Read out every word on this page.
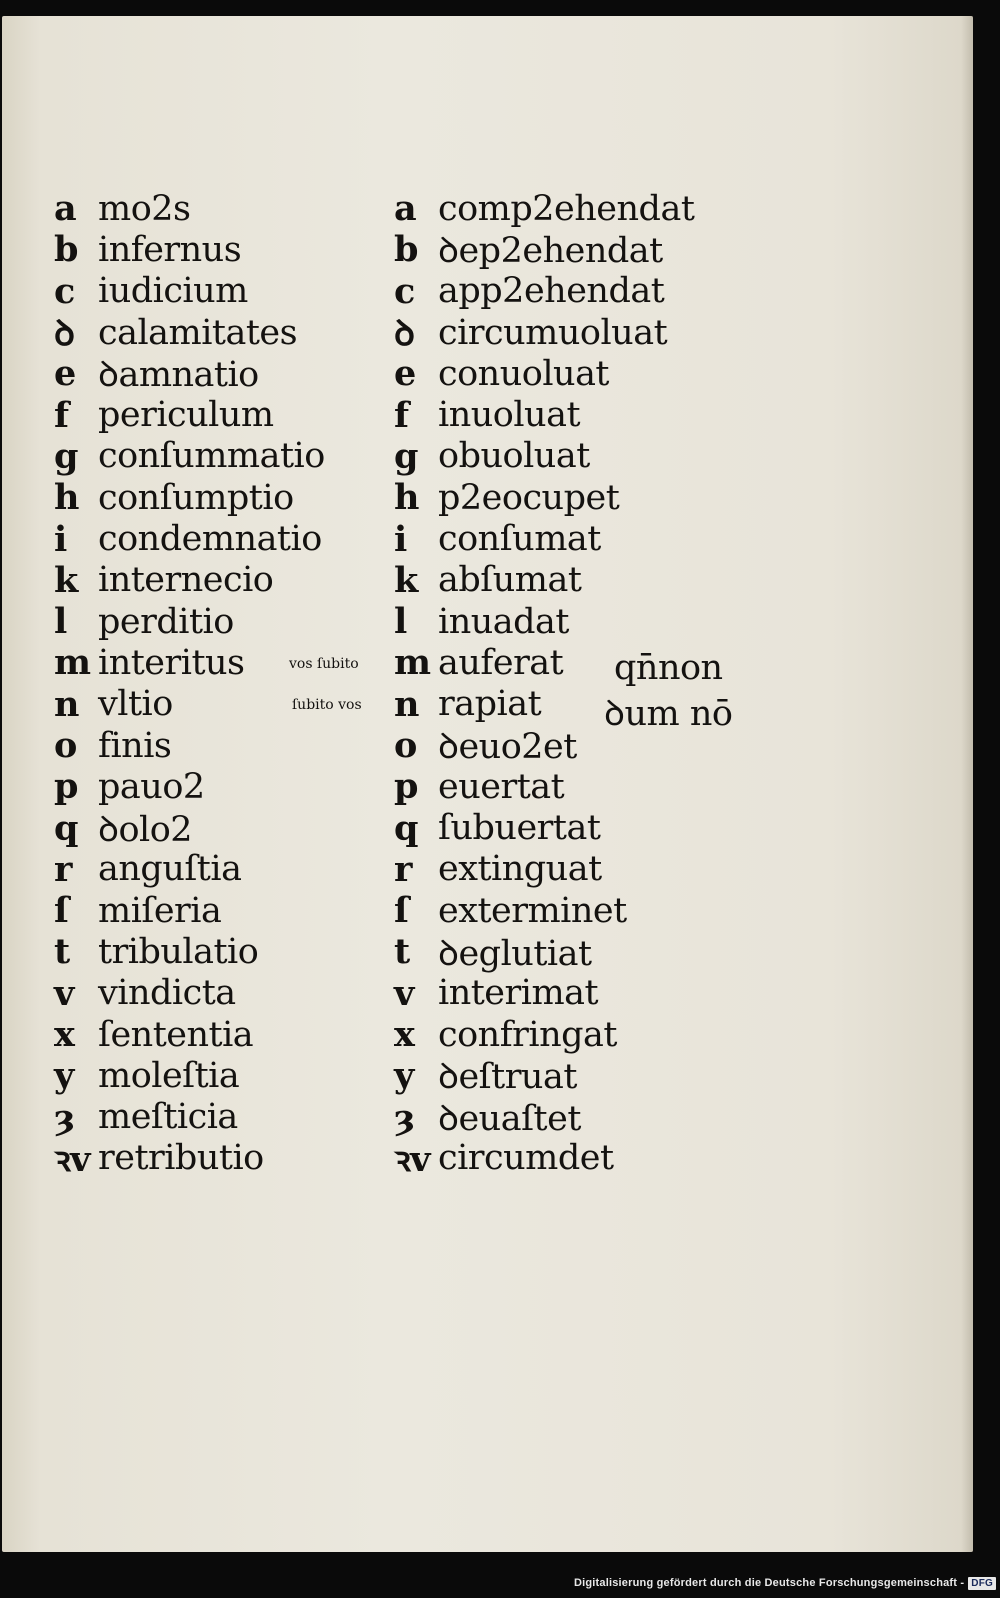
a mo2s
b infernus
c iudicium
ꝺ calamitates
e ꝺamnatio
f periculum
g conſummatio
h conſumptio
i condemnatio
k internecio
l perditio
m interitus
n vltio
o finis
p pauo2
q ꝺolo2
r anguſtia
ſ miſeria
t tribulatio
v vindicta
x ſententia
y moleſtia
ȝ meſticia
ꝛv retributio
a comp2ehendat
b ꝺep2ehendat
c app2ehendat
ꝺ circumuoluat
e conuoluat
f inuoluat
g obuoluat
h p2eocupet
i conſumat
k abſumat
l inuadat
m auferat
n rapiat
o ꝺeuo2et
p euertat
q ſubuertat
r extinguat
ſ exterminet
t ꝺeglutiat
v interimat
x confringat
y ꝺeſtruat
ȝ ꝺeuaſtet
ꝛv circumdet
vos ſubito
ſubito vos
qn̄non
ꝺum nō
Digitalisierung gefördert durch die Deutsche Forschungsgemeinschaft - DFG
